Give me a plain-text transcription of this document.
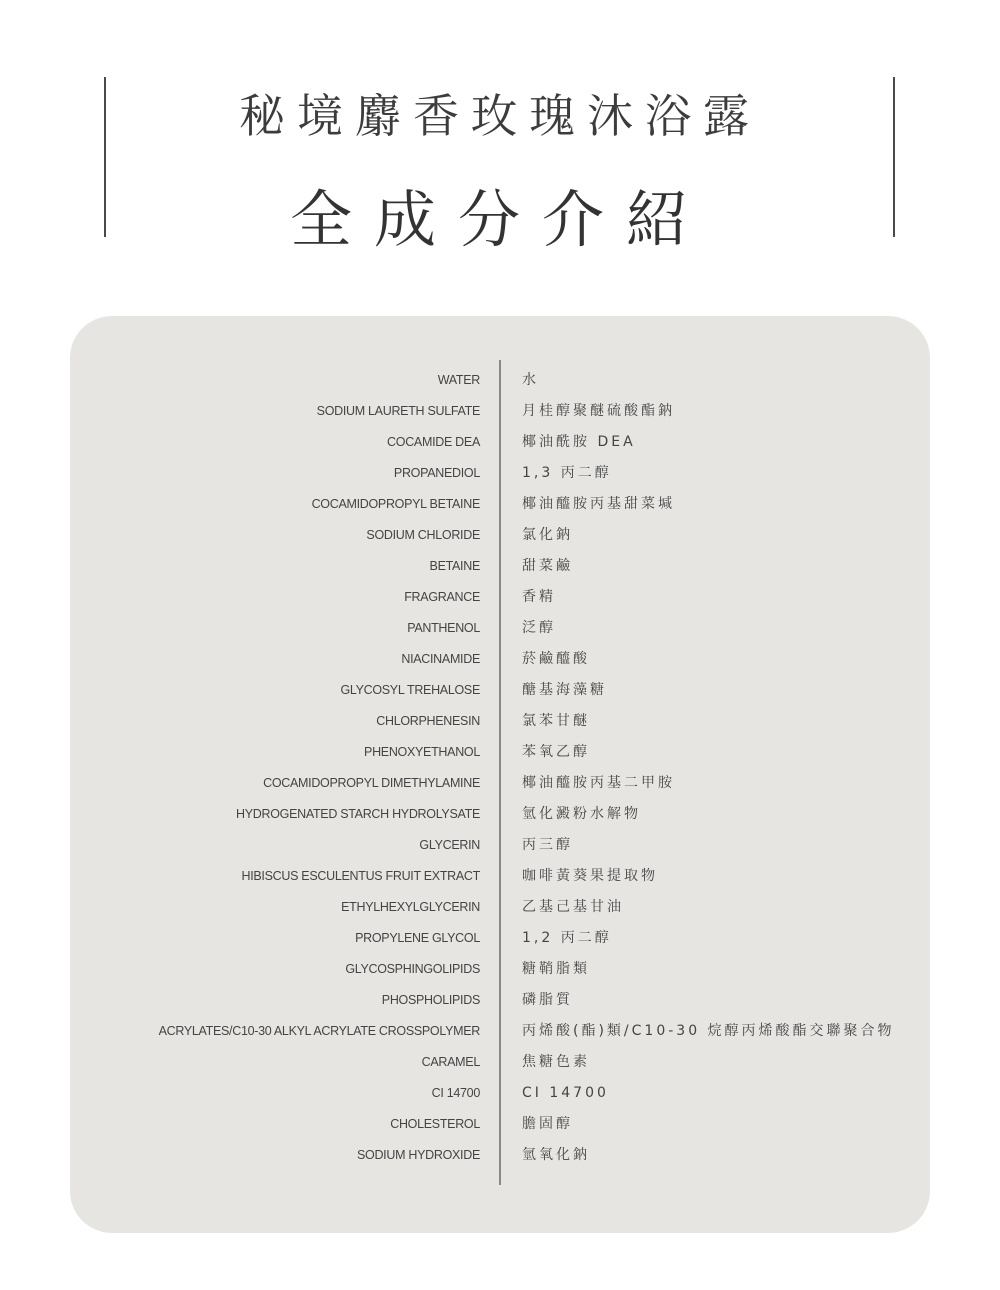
秘境麝香玫瑰沐浴露
全成分介紹
WATER	水
SODIUM LAURETH SULFATE	月桂醇聚醚硫酸酯鈉
COCAMIDE DEA	椰油酰胺 DEA
PROPANEDIOL	1,3 丙二醇
COCAMIDOPROPYL BETAINE	椰油醯胺丙基甜菜堿
SODIUM CHLORIDE	氯化鈉
BETAINE	甜菜鹼
FRAGRANCE	香精
PANTHENOL	泛醇
NIACINAMIDE	菸鹼醯酸
GLYCOSYL TREHALOSE	醣基海藻糖
CHLORPHENESIN	氯苯甘醚
PHENOXYETHANOL	苯氧乙醇
COCAMIDOPROPYL DIMETHYLAMINE	椰油醯胺丙基二甲胺
HYDROGENATED STARCH HYDROLYSATE	氫化澱粉水解物
GLYCERIN	丙三醇
HIBISCUS ESCULENTUS FRUIT EXTRACT	咖啡黃葵果提取物
ETHYLHEXYLGLYCERIN	乙基己基甘油
PROPYLENE GLYCOL	1,2 丙二醇
GLYCOSPHINGOLIPIDS	糖鞘脂類
PHOSPHOLIPIDS	磷脂質
ACRYLATES/C10-30 ALKYL ACRYLATE CROSSPOLYMER	丙烯酸(酯)類/C10-30 烷醇丙烯酸酯交聯聚合物
CARAMEL	焦糖色素
CI 14700	CI 14700
CHOLESTEROL	膽固醇
SODIUM HYDROXIDE	氫氧化鈉
